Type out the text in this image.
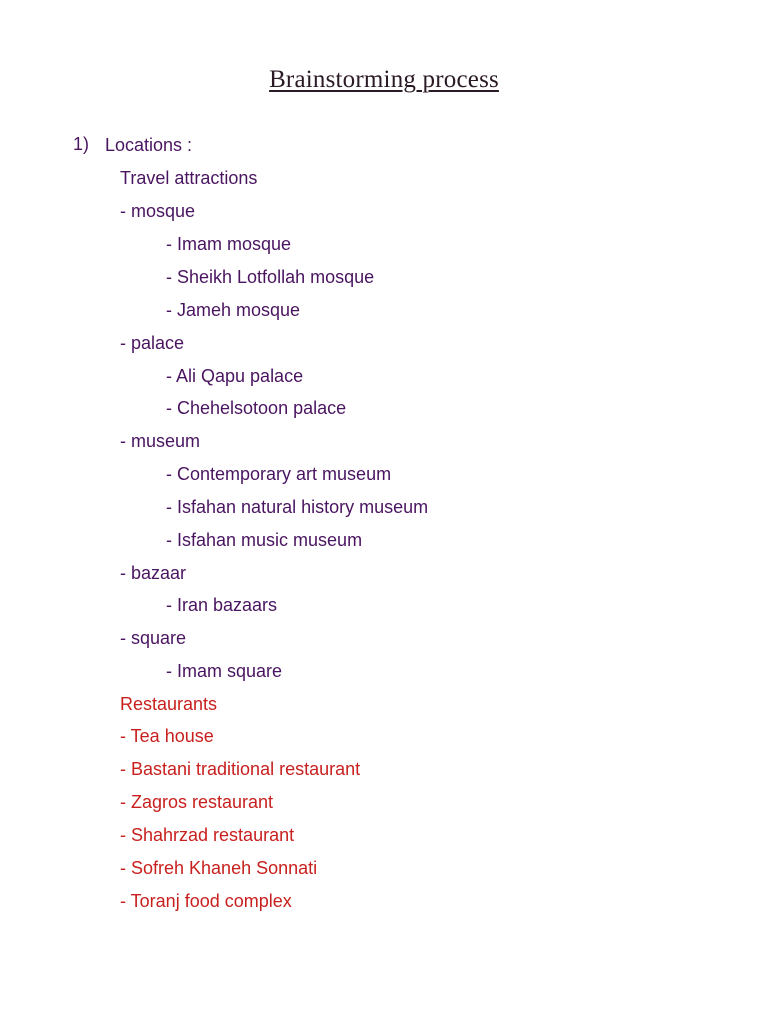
Brainstorming process
1) Locations :
Travel attractions
- mosque
- Imam mosque
- Sheikh Lotfollah mosque
- Jameh mosque
- palace
- Ali Qapu palace
- Chehelsotoon palace
- museum
- Contemporary art museum
- Isfahan natural history museum
- Isfahan music museum
- bazaar
- Iran bazaars
- square
- Imam square
Restaurants
- Tea house
- Bastani traditional restaurant
- Zagros restaurant
- Shahrzad restaurant
- Sofreh Khaneh Sonnati
- Toranj food complex
